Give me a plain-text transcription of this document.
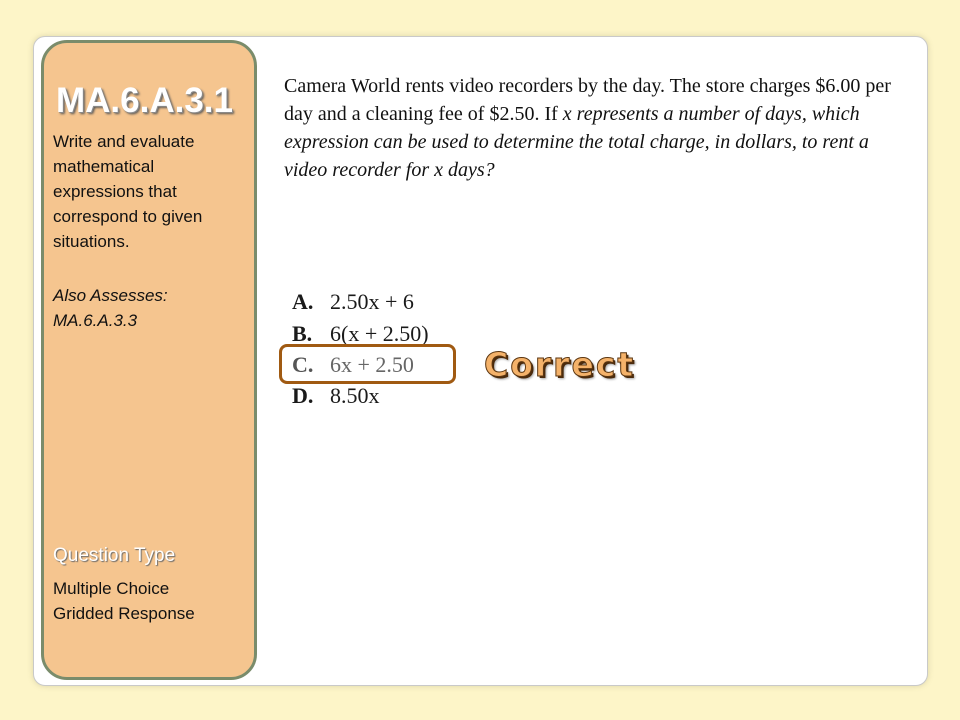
MA.6.A.3.1
Write and evaluate mathematical expressions that correspond to given situations.
Also Assesses:
MA.6.A.3.3
Question Type
Multiple Choice
Gridded Response
Camera World rents video recorders by the day. The store charges $6.00 per day and a cleaning fee of $2.50. If x represents a number of days, which expression can be used to determine the total charge, in dollars, to rent a video recorder for x days?
A. 2.50x + 6
B. 6(x + 2.50)
C. 6x + 2.50
D. 8.50x
Correct
